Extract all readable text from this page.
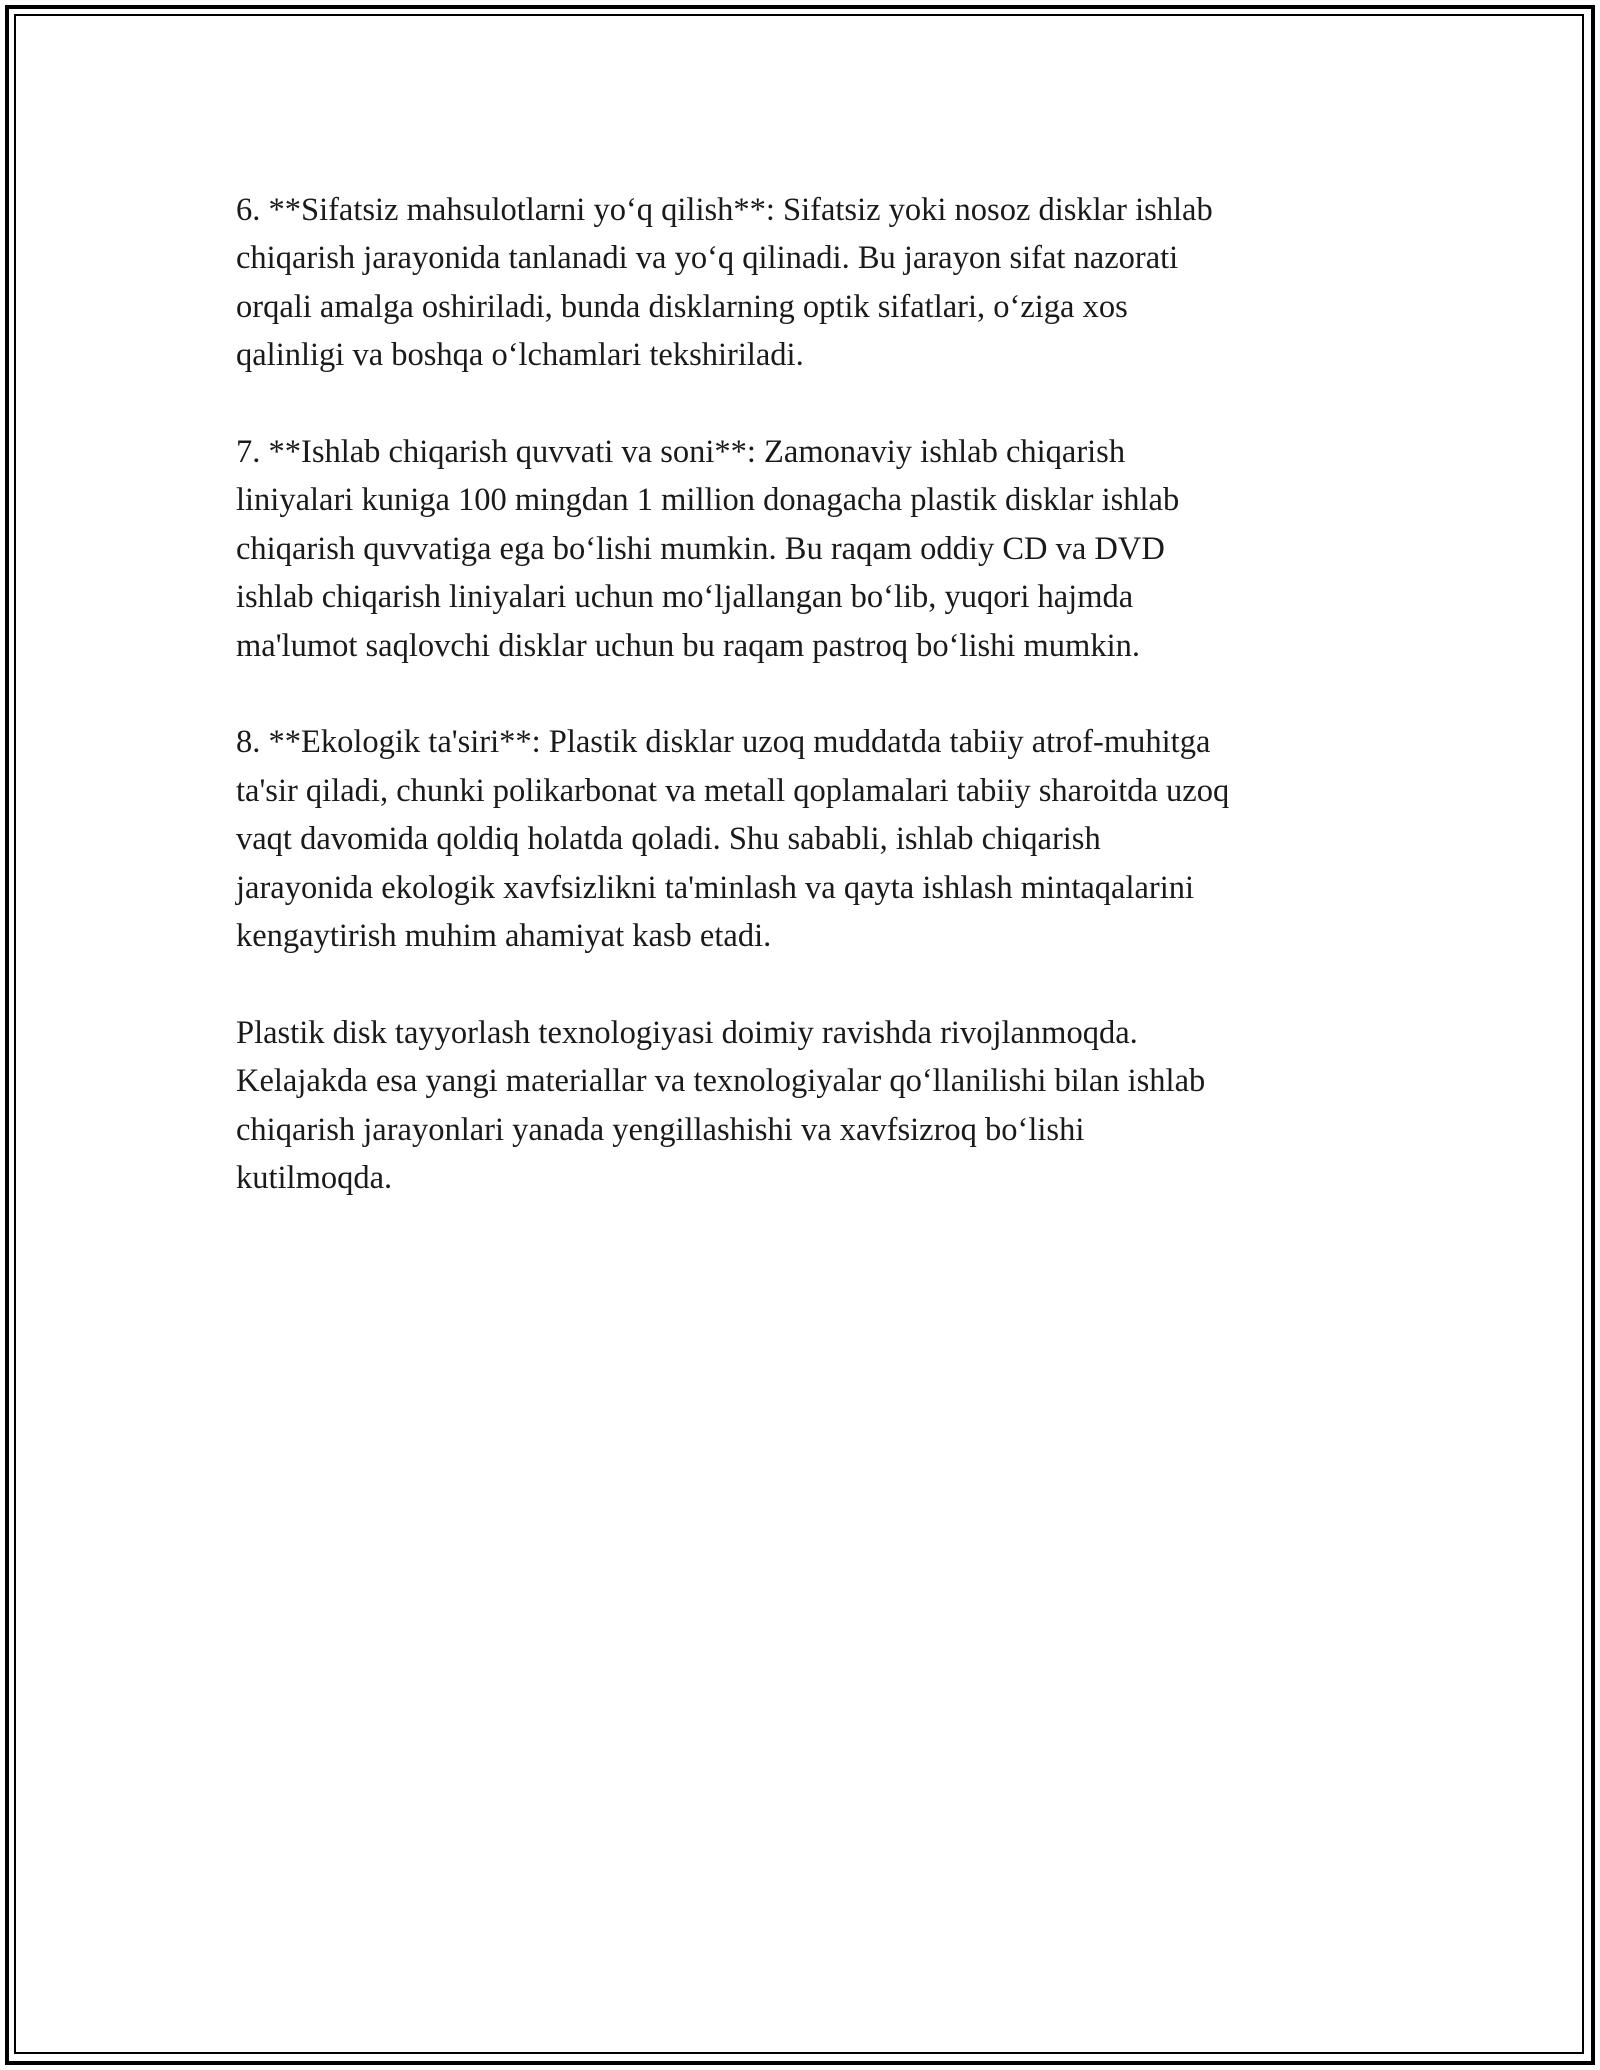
6. **Sifatsiz mahsulotlarni yo‘q qilish**: Sifatsiz yoki nosoz disklar ishlab
chiqarish jarayonida tanlanadi va yo‘q qilinadi. Bu jarayon sifat nazorati
orqali amalga oshiriladi, bunda disklarning optik sifatlari, o‘ziga xos
qalinligi va boshqa o‘lchamlari tekshiriladi.

7. **Ishlab chiqarish quvvati va soni**: Zamonaviy ishlab chiqarish
liniyalari kuniga 100 mingdan 1 million donagacha plastik disklar ishlab
chiqarish quvvatiga ega bo‘lishi mumkin. Bu raqam oddiy CD va DVD
ishlab chiqarish liniyalari uchun mo‘ljallangan bo‘lib, yuqori hajmda
ma'lumot saqlovchi disklar uchun bu raqam pastroq bo‘lishi mumkin.

8. **Ekologik ta'siri**: Plastik disklar uzoq muddatda tabiiy atrof-muhitga
ta'sir qiladi, chunki polikarbonat va metall qoplamalari tabiiy sharoitda uzoq
vaqt davomida qoldiq holatda qoladi. Shu sababli, ishlab chiqarish
jarayonida ekologik xavfsizlikni ta'minlash va qayta ishlash mintaqalarini
kengaytirish muhim ahamiyat kasb etadi.

Plastik disk tayyorlash texnologiyasi doimiy ravishda rivojlanmoqda.
Kelajakda esa yangi materiallar va texnologiyalar qo‘llanilishi bilan ishlab
chiqarish jarayonlari yanada yengillashishi va xavfsizroq bo‘lishi
kutilmoqda.
